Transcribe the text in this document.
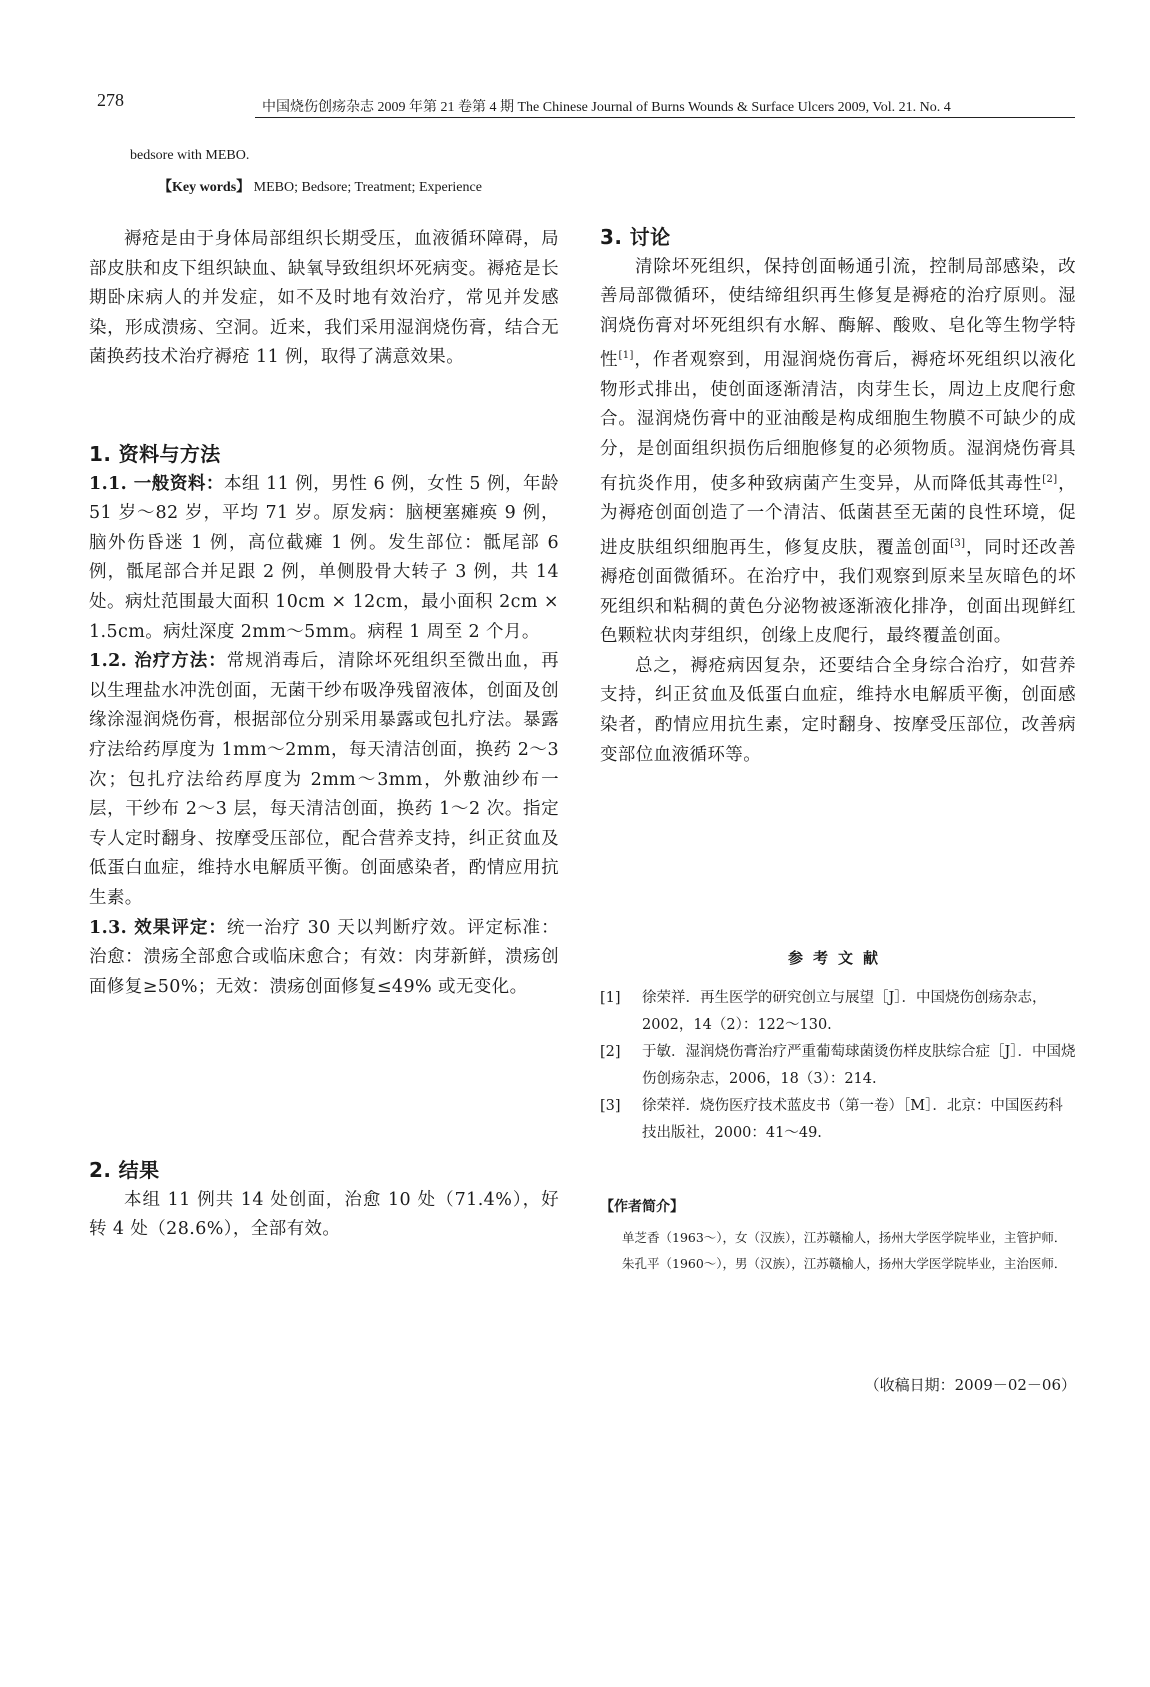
278	中国烧伤创疡杂志 2009 年第 21 卷第 4 期 The Chinese Journal of Burns Wounds & Surface Ulcers 2009, Vol. 21. No. 4
bedsore with MEBO.
【Key words】 MEBO; Bedsore; Treatment; Experience

褥疮是由于身体局部组织长期受压，血液循环障碍，局部皮肤和皮下组织缺血、缺氧导致组织坏死病变。褥疮是长期卧床病人的并发症，如不及时地有效治疗，常见并发感染，形成溃疡、空洞。近来，我们采用湿润烧伤膏，结合无菌换药技术治疗褥疮 11 例，取得了满意效果。

1. 资料与方法

1.1. 一般资料：本组 11 例，男性 6 例，女性 5 例，年龄 51 岁～82 岁，平均 71 岁。原发病：脑梗塞瘫痪 9 例，脑外伤昏迷 1 例，高位截瘫 1 例。发生部位：骶尾部 6 例，骶尾部合并足跟 2 例，单侧股骨大转子 3 例，共 14 处。病灶范围最大面积 10cm × 12cm，最小面积 2cm × 1.5cm。病灶深度 2mm～5mm。病程 1 周至 2 个月。

1.2. 治疗方法：常规消毒后，清除坏死组织至微出血，再以生理盐水冲洗创面，无菌干纱布吸净残留液体，创面及创缘涂湿润烧伤膏，根据部位分别采用暴露或包扎疗法。暴露疗法给药厚度为 1mm～2mm，每天清洁创面，换药 2～3 次；包扎疗法给药厚度为 2mm～3mm，外敷油纱布一层，干纱布 2～3 层，每天清洁创面，换药 1～2 次。指定专人定时翻身、按摩受压部位，配合营养支持，纠正贫血及低蛋白血症，维持水电解质平衡。创面感染者，酌情应用抗生素。

1.3. 效果评定：统一治疗 30 天以判断疗效。评定标准：治愈：溃疡全部愈合或临床愈合；有效：肉芽新鲜，溃疡创面修复≥50%；无效：溃疡创面修复≤49% 或无变化。

2. 结果

本组 11 例共 14 处创面，治愈 10 处（71.4%），好转 4 处（28.6%），全部有效。

3. 讨论

清除坏死组织，保持创面畅通引流，控制局部感染，改善局部微循环，使结缔组织再生修复是褥疮的治疗原则。湿润烧伤膏对坏死组织有水解、酶解、酸败、皂化等生物学特性[1]，作者观察到，用湿润烧伤膏后，褥疮坏死组织以液化物形式排出，使创面逐渐清洁，肉芽生长，周边上皮爬行愈合。湿润烧伤膏中的亚油酸是构成细胞生物膜不可缺少的成分，是创面组织损伤后细胞修复的必须物质。湿润烧伤膏具有抗炎作用，使多种致病菌产生变异，从而降低其毒性[2]，为褥疮创面创造了一个清洁、低菌甚至无菌的良性环境，促进皮肤组织细胞再生，修复皮肤，覆盖创面[3]，同时还改善褥疮创面微循环。在治疗中，我们观察到原来呈灰暗色的坏死组织和粘稠的黄色分泌物被逐渐液化排净，创面出现鲜红色颗粒状肉芽组织，创缘上皮爬行，最终覆盖创面。

总之，褥疮病因复杂，还要结合全身综合治疗，如营养支持，纠正贫血及低蛋白血症，维持水电解质平衡，创面感染者，酌情应用抗生素，定时翻身、按摩受压部位，改善病变部位血液循环等。

参考文献
[1] 徐荣祥．再生医学的研究创立与展望［J］．中国烧伤创疡杂志，2002，14（2）：122～130.
[2] 于敏．湿润烧伤膏治疗严重葡萄球菌烫伤样皮肤综合症［J］．中国烧伤创疡杂志，2006，18（3）：214.
[3] 徐荣祥．烧伤医疗技术蓝皮书（第一卷）［M］．北京：中国医药科技出版社，2000：41～49.
【作者简介】
单芝香（1963～），女（汉族），江苏赣榆人，扬州大学医学院毕业，主管护师．
朱孔平（1960～），男（汉族），江苏赣榆人，扬州大学医学院毕业，主治医师．
（收稿日期：2009－02－06）
